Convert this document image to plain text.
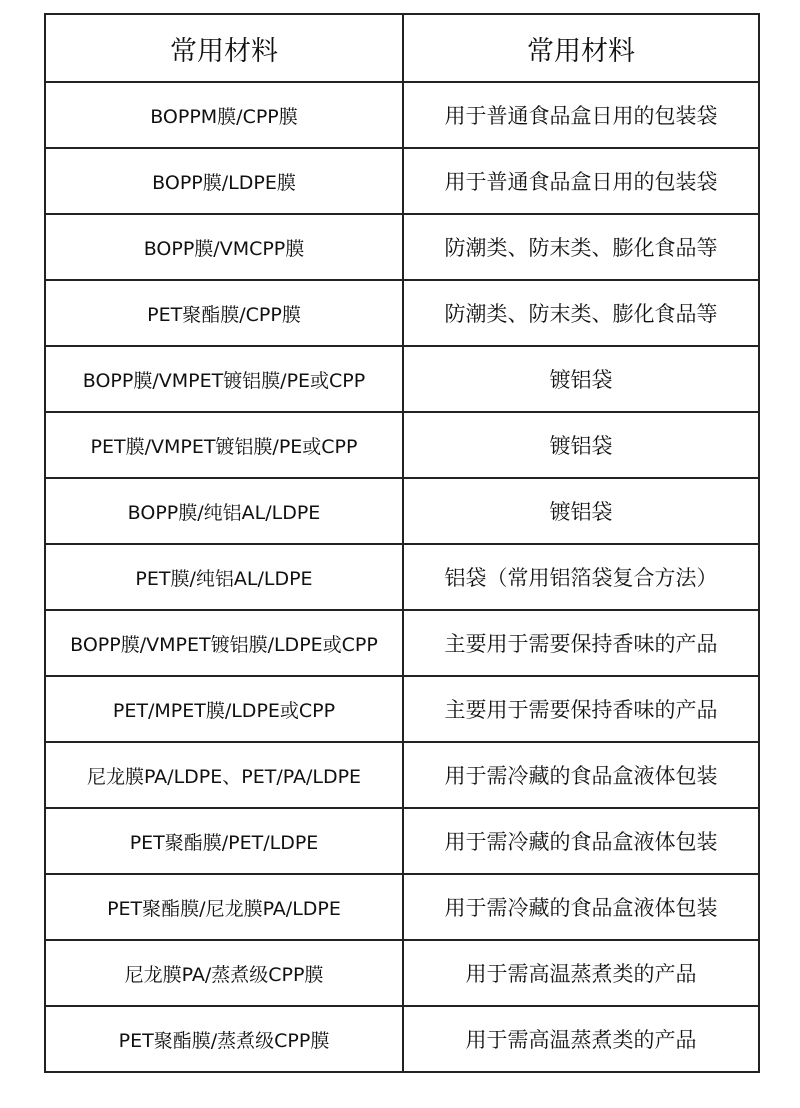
常用材料	常用材料
BOPPM膜/CPP膜	用于普通食品盒日用的包装袋
BOPP膜/LDPE膜	用于普通食品盒日用的包装袋
BOPP膜/VMCPP膜	防潮类、防末类、膨化食品等
PET聚酯膜/CPP膜	防潮类、防末类、膨化食品等
BOPP膜/VMPET镀铝膜/PE或CPP	镀铝袋
PET膜/VMPET镀铝膜/PE或CPP	镀铝袋
BOPP膜/纯铝AL/LDPE	镀铝袋
PET膜/纯铝AL/LDPE	铝袋（常用铝箔袋复合方法）
BOPP膜/VMPET镀铝膜/LDPE或CPP	主要用于需要保持香味的产品
PET/MPET膜/LDPE或CPP	主要用于需要保持香味的产品
尼龙膜PA/LDPE、PET/PA/LDPE	用于需冷藏的食品盒液体包装
PET聚酯膜/PET/LDPE	用于需冷藏的食品盒液体包装
PET聚酯膜/尼龙膜PA/LDPE	用于需冷藏的食品盒液体包装
尼龙膜PA/蒸煮级CPP膜	用于需高温蒸煮类的产品
PET聚酯膜/蒸煮级CPP膜	用于需高温蒸煮类的产品
